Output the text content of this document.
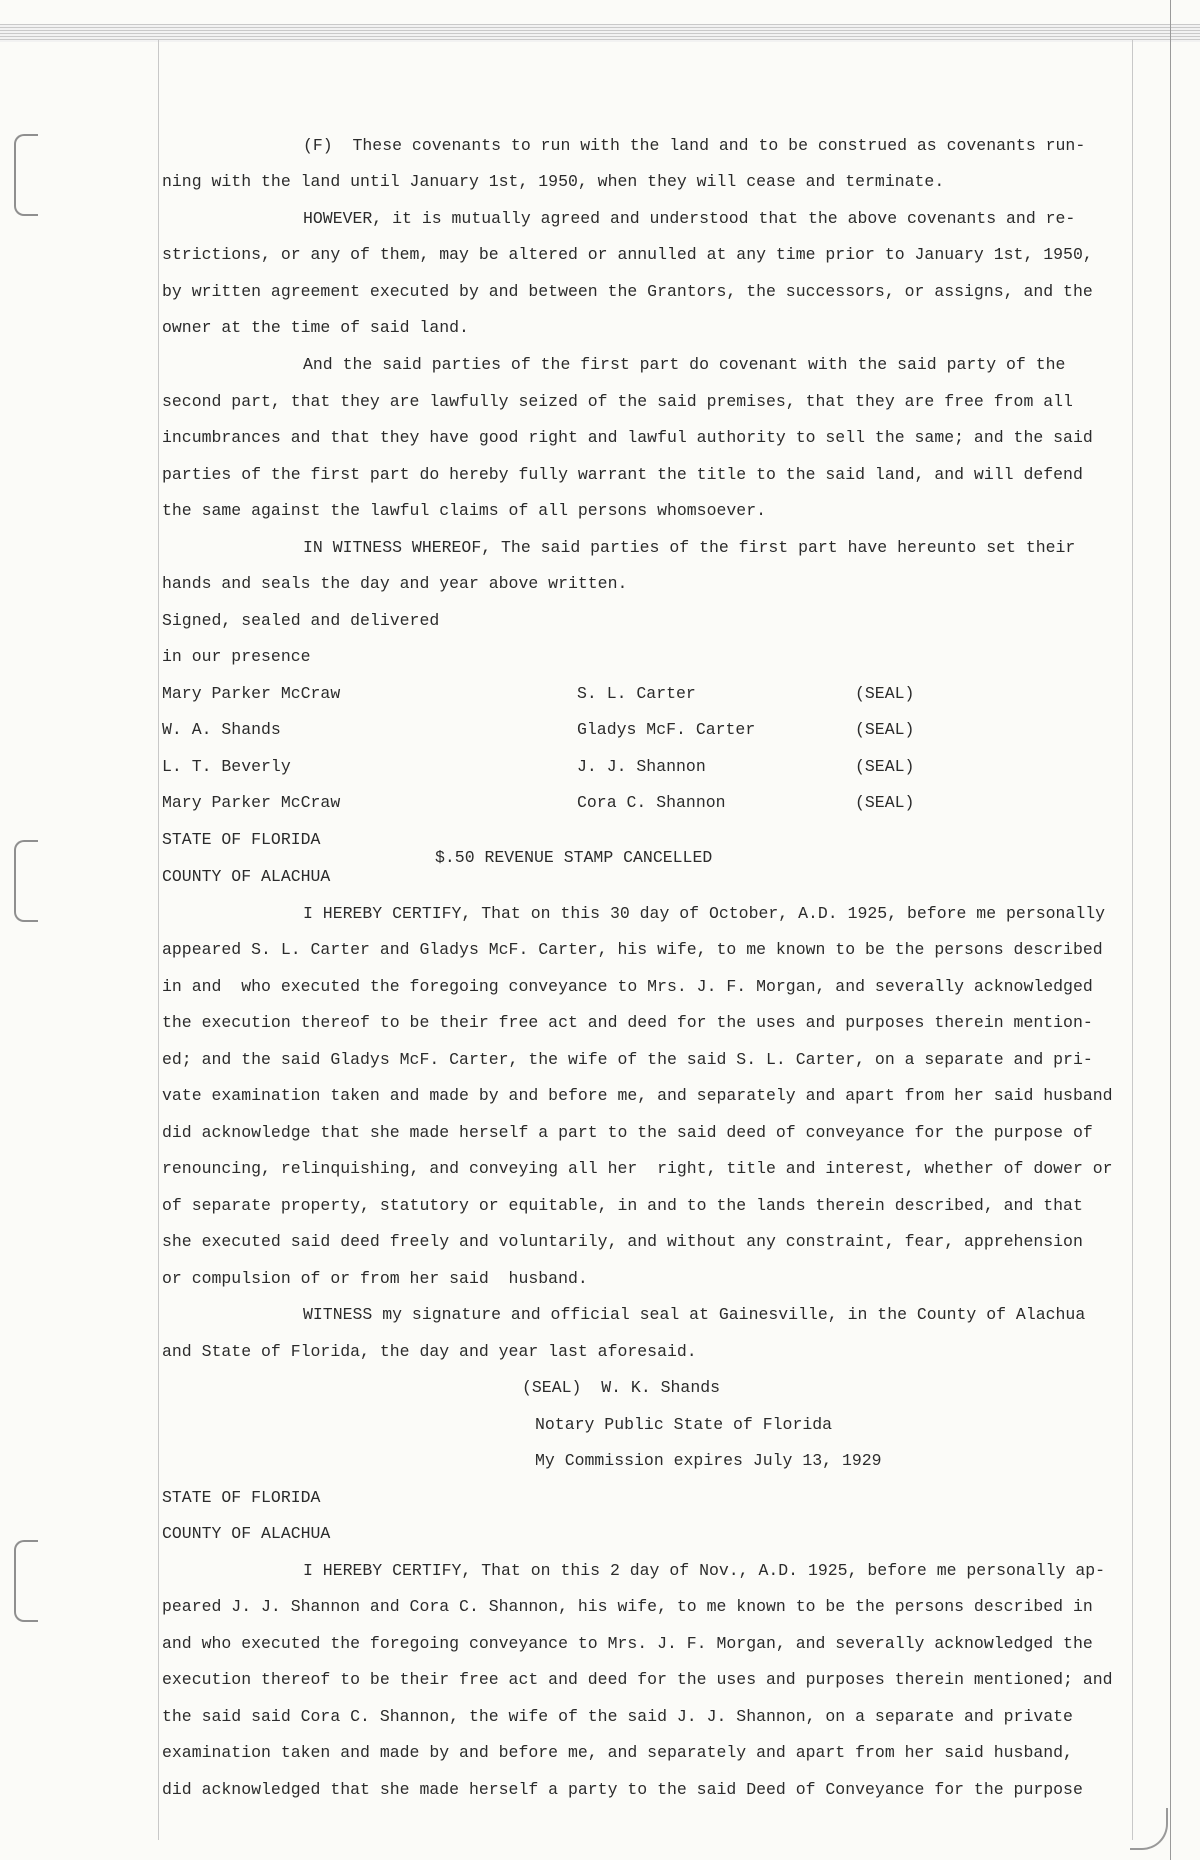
(F)  These covenants to run with the land and to be construed as covenants run-
ning with the land until January 1st, 1950, when they will cease and terminate.
HOWEVER, it is mutually agreed and understood that the above covenants and re-
strictions, or any of them, may be altered or annulled at any time prior to January 1st, 1950,
by written agreement executed by and between the Grantors, the successors, or assigns, and the
owner at the time of said land.
And the said parties of the first part do covenant with the said party of the
second part, that they are lawfully seized of the said premises, that they are free from all
incumbrances and that they have good right and lawful authority to sell the same; and the said
parties of the first part do hereby fully warrant the title to the said land, and will defend
the same against the lawful claims of all persons whomsoever.
IN WITNESS WHEREOF, The said parties of the first part have hereunto set their
hands and seals the day and year above written.
Signed, sealed and delivered
in our presence
Mary Parker McCraw	S. L. Carter	(SEAL)
W. A. Shands	Gladys McF. Carter	(SEAL)
L. T. Beverly	J. J. Shannon	(SEAL)
Mary Parker McCraw	Cora C. Shannon	(SEAL)
STATE OF FLORIDA
$.50 REVENUE STAMP CANCELLED
COUNTY OF ALACHUA
I HEREBY CERTIFY, That on this 30 day of October, A.D. 1925, before me personally
appeared S. L. Carter and Gladys McF. Carter, his wife, to me known to be the persons described
in and  who executed the foregoing conveyance to Mrs. J. F. Morgan, and severally acknowledged
the execution thereof to be their free act and deed for the uses and purposes therein mention-
ed; and the said Gladys McF. Carter, the wife of the said S. L. Carter, on a separate and pri-
vate examination taken and made by and before me, and separately and apart from her said husband
did acknowledge that she made herself a part to the said deed of conveyance for the purpose of
renouncing, relinquishing, and conveying all her  right, title and interest, whether of dower or
of separate property, statutory or equitable, in and to the lands therein described, and that
she executed said deed freely and voluntarily, and without any constraint, fear, apprehension
or compulsion of or from her said  husband.
WITNESS my signature and official seal at Gainesville, in the County of Alachua
and State of Florida, the day and year last aforesaid.
(SEAL)  W. K. Shands
Notary Public State of Florida
My Commission expires July 13, 1929
STATE OF FLORIDA
COUNTY OF ALACHUA
I HEREBY CERTIFY, That on this 2 day of Nov., A.D. 1925, before me personally ap-
peared J. J. Shannon and Cora C. Shannon, his wife, to me known to be the persons described in
and who executed the foregoing conveyance to Mrs. J. F. Morgan, and severally acknowledged the
execution thereof to be their free act and deed for the uses and purposes therein mentioned; and
the said said Cora C. Shannon, the wife of the said J. J. Shannon, on a separate and private
examination taken and made by and before me, and separately and apart from her said husband,
did acknowledged that she made herself a party to the said Deed of Conveyance for the purpose
